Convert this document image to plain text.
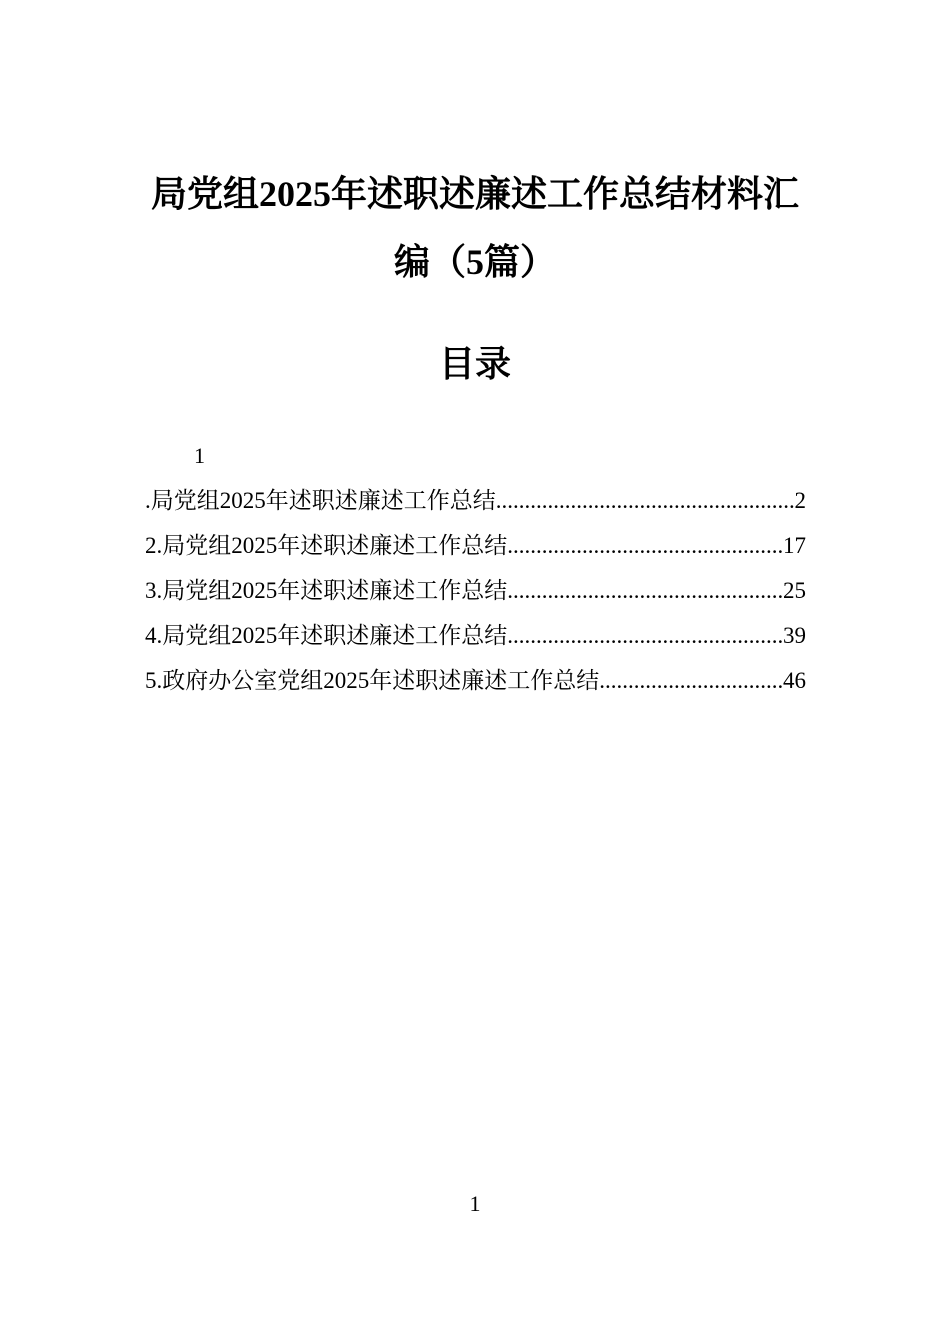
局党组2025年述职述廉述工作总结材料汇
编（5篇）
目录
1
.局党组2025年述职述廉述工作总结 .....	2
2.局党组2025年述职述廉述工作总结 .....	17
3.局党组2025年述职述廉述工作总结 .....	25
4.局党组2025年述职述廉述工作总结 .....	39
5.政府办公室党组2025年述职述廉述工作总结 .....	46
1
